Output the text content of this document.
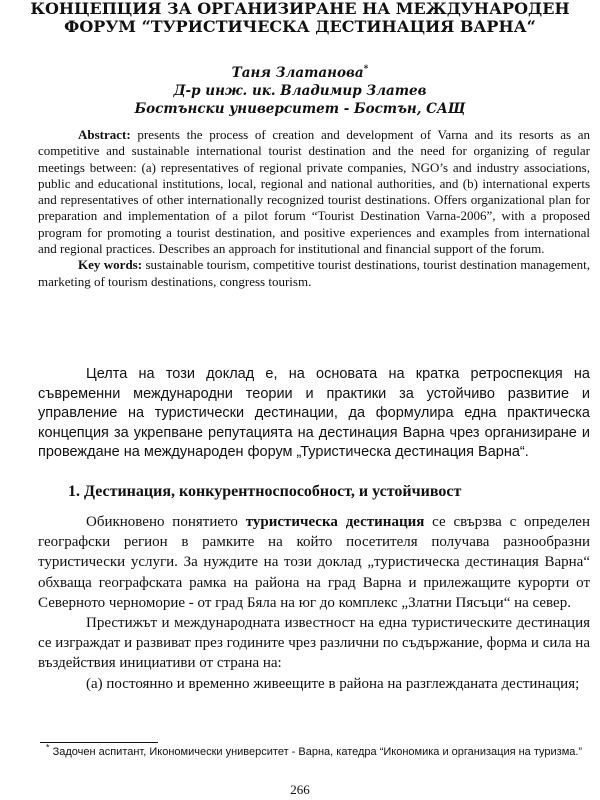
КОНЦЕПЦИЯ ЗА ОРГАНИЗИРАНЕ НА МЕЖДУНАРОДЕН
ФОРУМ “ТУРИСТИЧЕСКА ДЕСТИНАЦИЯ ВАРНА“
Таня Златанова*
Д-р инж. ик. Владимир Златев
Бостънски университет - Бостън, САЩ

Abstract: presents the process of creation and development of Varna and its resorts as an competitive and sustainable international tourist destination and the need for organizing of regular meetings between: (a) representatives of regional private companies, NGO’s and industry associations, public and educational institutions, local, regional and national authorities, and (b) international experts and representatives of other internationally recognized tourist destinations. Offers organizational plan for preparation and implementation of a pilot forum “Tourist Destination Varna-2006”, with a proposed program for promoting a tourist destination, and positive experiences and examples from international and regional practices. Describes an approach for institutional and financial support of the forum.

Key words: sustainable tourism, competitive tourist destinations, tourist destination management, marketing of tourism destinations, congress tourism.

Целта на този доклад е, на основата на кратка ретроспекция на съвременни международни теории и практики за устойчиво развитие и управление на туристически дестинации, да формулира една практическа концепция за укрепване репутацията на дестинация Варна чрез организиране и провеждане на международен форум „Туристическа дестинация Варна“.

1. Дестинация, конкурентноспособност, и устойчивост

Обикновено понятието туристическа дестинация се свързва с определен географски регион в рамките на който посетителя получава разнообразни туристически услуги. За нуждите на този доклад „туристическа дестинация Варна“ обхваща географската рамка на района на град Варна и прилежащите курорти от Северното черноморие - от град Бяла на юг до комплекс „Златни Пясъци“ на север.

Престижът и международната известност на една туристическите дестинация се изграждат и развиват през годините чрез различни по съдържание, форма и сила на въздействия инициативи от страна на:

(а) постоянно и временно живеещите в района на разглежданата дестинация;

* Задочен аспитант, Икономически университет - Варна, катедра “Икономика и организация на туризма.”

266
